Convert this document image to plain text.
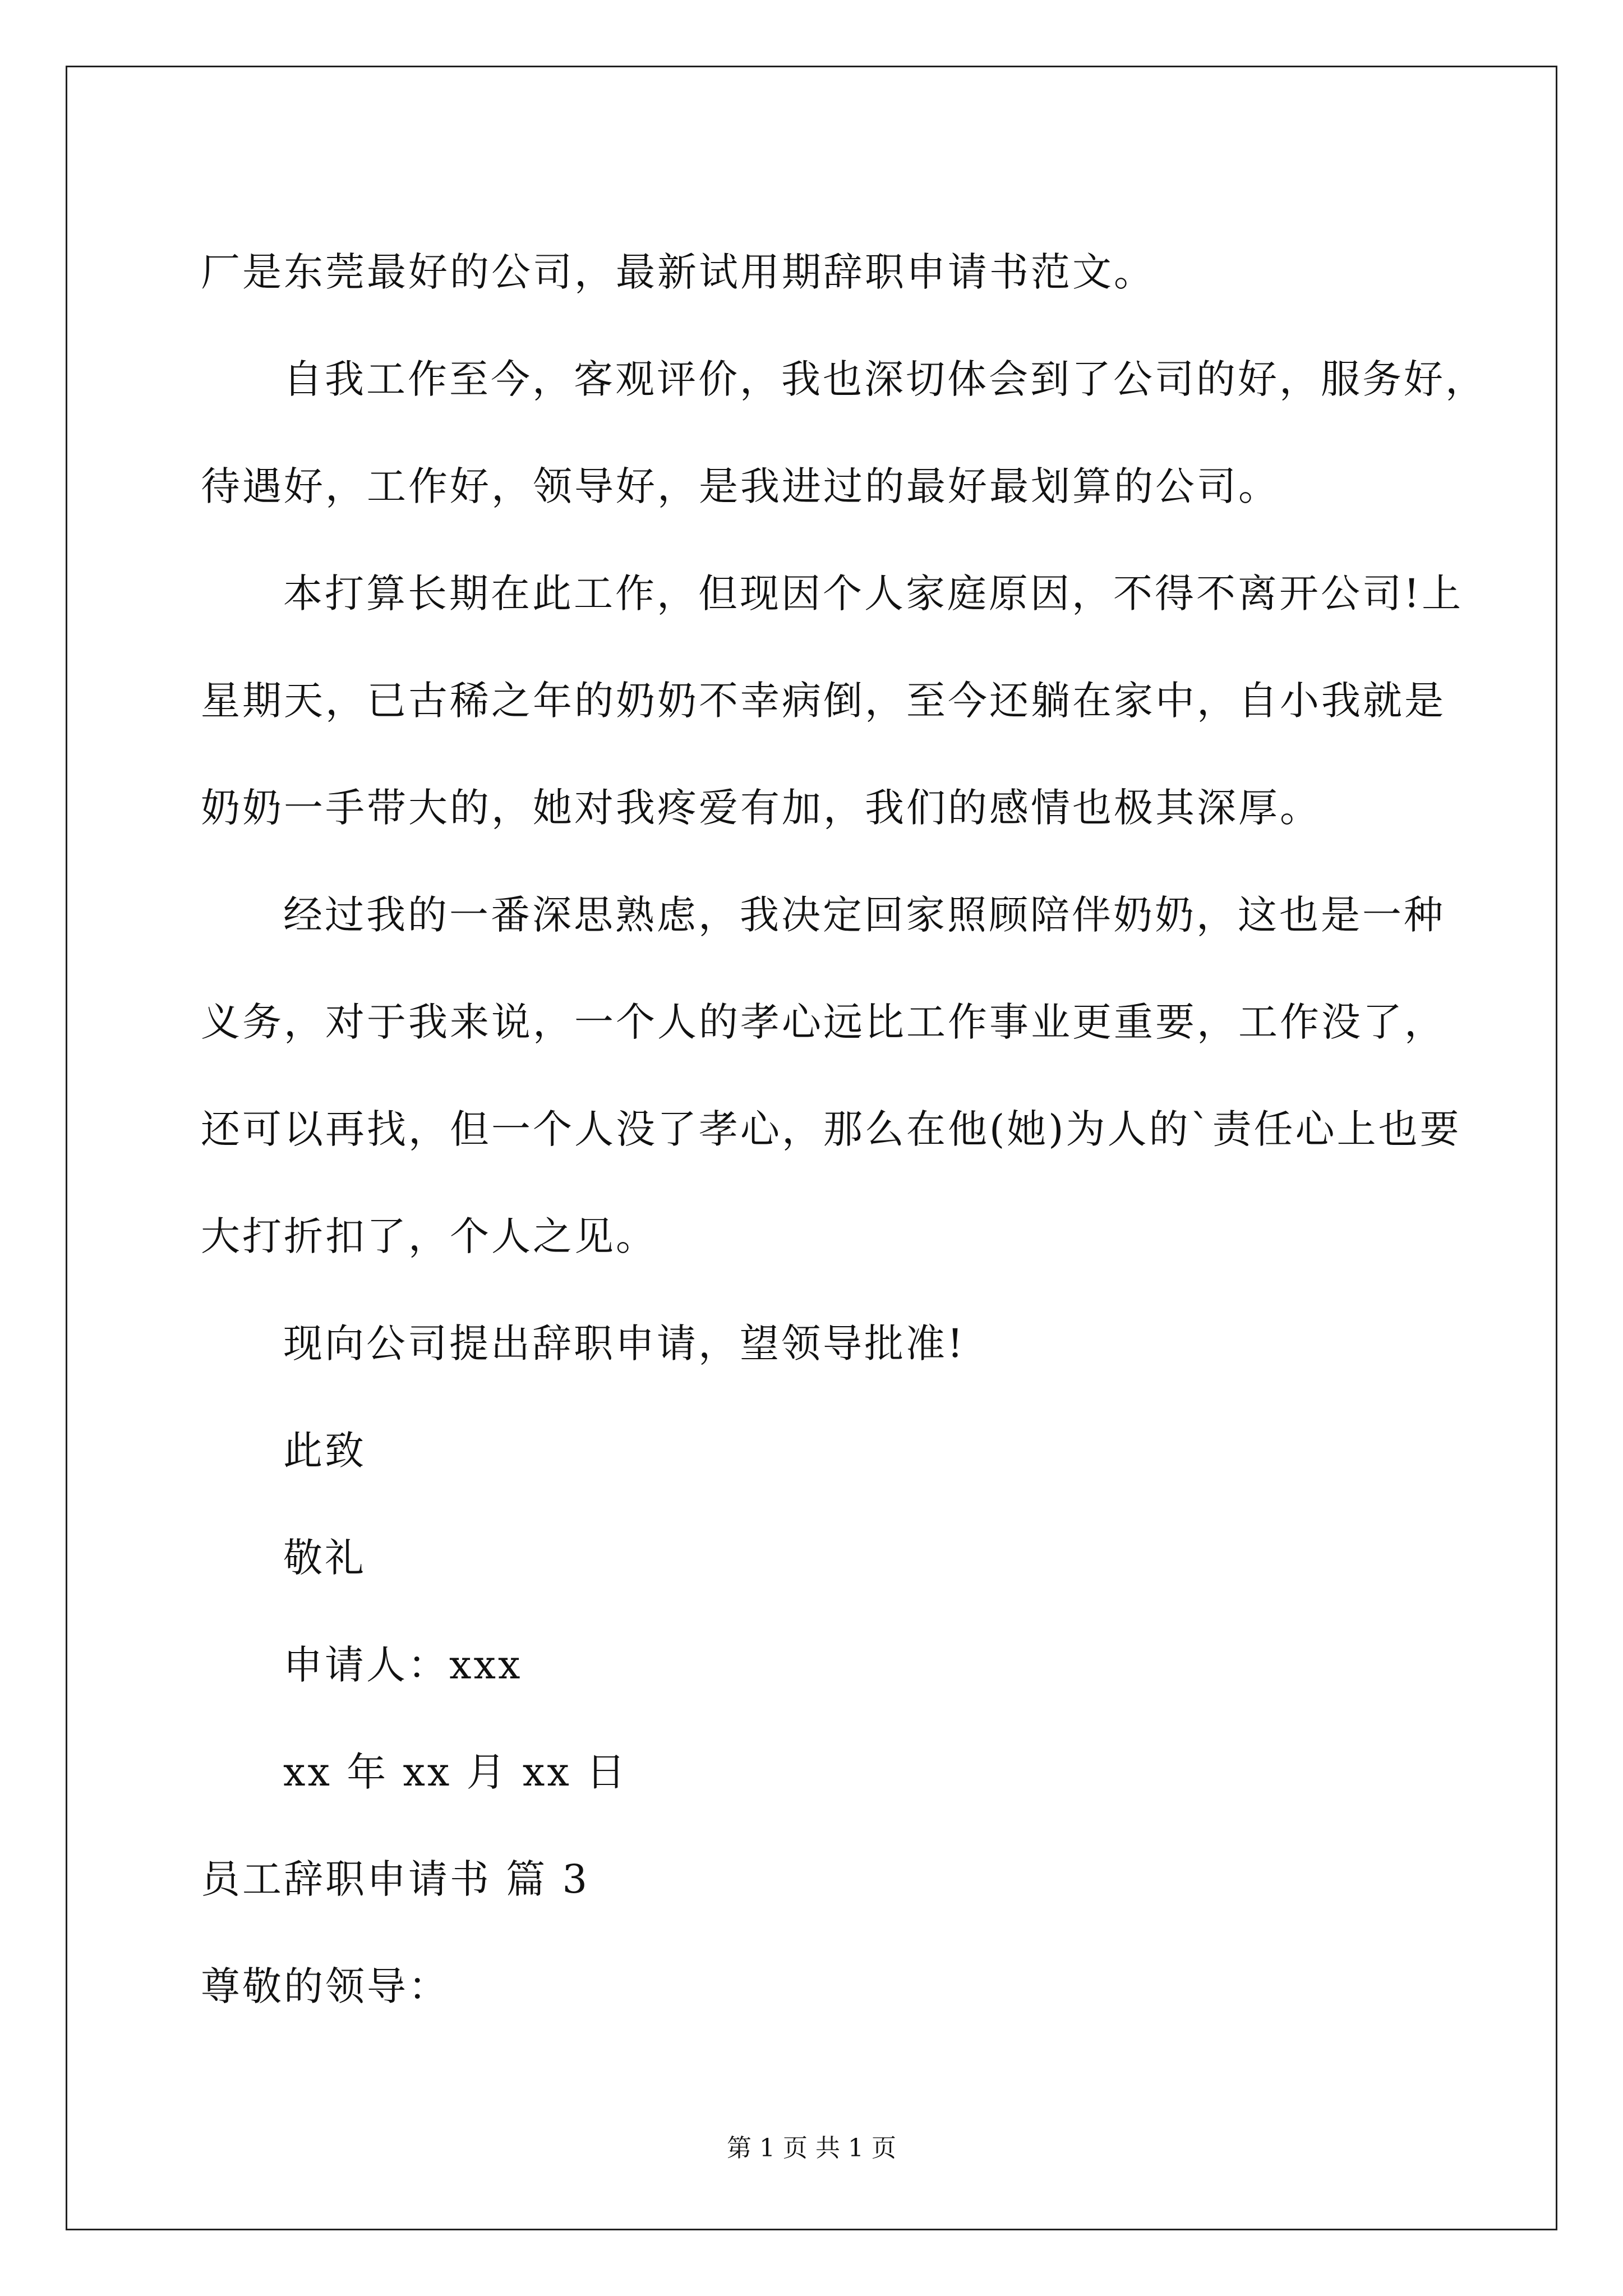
厂是东莞最好的公司，最新试用期辞职申请书范文。
自我工作至今，客观评价，我也深切体会到了公司的好，服务好，
待遇好，工作好，领导好，是我进过的最好最划算的公司。
本打算长期在此工作，但现因个人家庭原因，不得不离开公司!上
星期天，已古稀之年的奶奶不幸病倒，至今还躺在家中，自小我就是
奶奶一手带大的，她对我疼爱有加，我们的感情也极其深厚。
经过我的一番深思熟虑，我决定回家照顾陪伴奶奶，这也是一种
义务，对于我来说，一个人的孝心远比工作事业更重要，工作没了，
还可以再找，但一个人没了孝心，那么在他(她)为人的`责任心上也要
大打折扣了，个人之见。
现向公司提出辞职申请，望领导批准!
此致
敬礼
申请人：xxx
xx 年 xx 月 xx 日
员工辞职申请书 篇 3
尊敬的领导：
第 1 页 共 1 页
